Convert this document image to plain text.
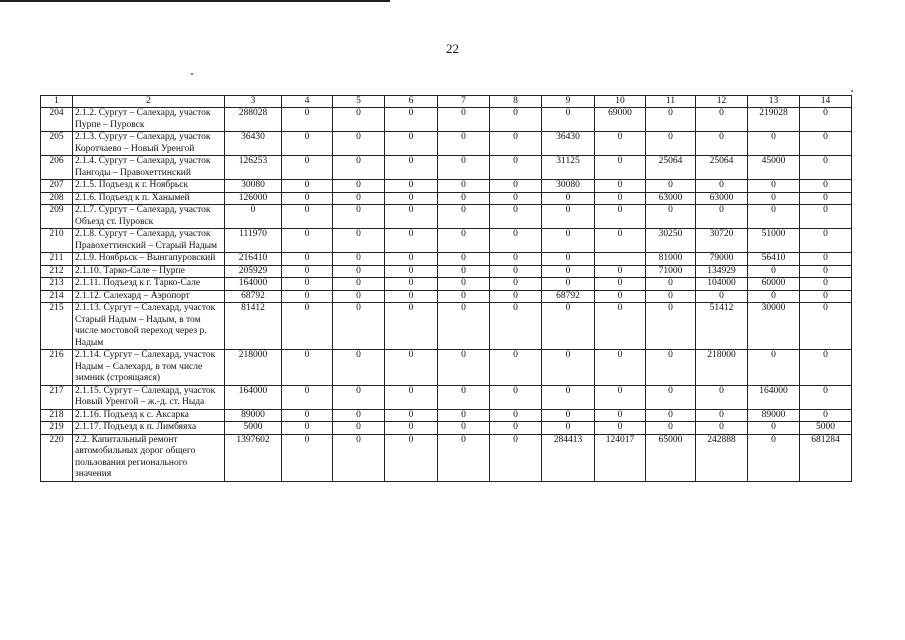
22
1	2	3	4	5	6	7	8	9	10	11	12	13	14
204	2.1.2. Сургут – Салехард, участок Пурпе – Пуровск	288028	0	0	0	0	0	0	69000	0	0	219028	0
205	2.1.3. Сургут – Салехард, участок Коротчаево – Новый Уренгой	36430	0	0	0	0	0	36430	0	0	0	0	0
206	2.1.4. Сургут – Салехард, участок Пангоды – Правохеттинский	126253	0	0	0	0	0	31125	0	25064	25064	45000	0
207	2.1.5. Подъезд к г. Ноябрьск	30080	0	0	0	0	0	30080	0	0	0	0	0
208	2.1.6. Подъезд к п. Ханымей	126000	0	0	0	0	0	0	0	63000	63000	0	0
209	2.1.7. Сургут – Салехард, участок Объезд ст. Пуровск	0	0	0	0	0	0	0	0	0	0	0	0
210	2.1.8. Сургут – Салехард, участок Правохеттинский – Старый Надым	111970	0	0	0	0	0	0	0	30250	30720	51000	0
211	2.1.9. Ноябрьск – Вынгапуровский	216410	0	0	0	0	0	0		81000	79000	56410	0
212	2.1.10. Тарко-Сале – Пурпе	205929	0	0	0	0	0	0	0	71000	134929	0	0
213	2.1.11. Подъезд к г. Тарко-Сале	164000	0	0	0	0	0	0	0	0	104000	60000	0
214	2.1.12. Салехард – Аэропорт	68792	0	0	0	0	0	68792	0	0	0	0	0
215	2.1.13. Сургут – Салехард, участок Старый Надым – Надым, в том числе мостовой переход через р. Надым	81412	0	0	0	0	0	0	0	0	51412	30000	0
216	2.1.14. Сургут – Салехард, участок Надым – Салехард, в том числе зимник (строящаяся)	218000	0	0	0	0	0	0	0	0	218000	0	0
217	2.1.15. Сургут – Салехард, участок Новый Уренгой – ж.-д. ст. Ныда	164000	0	0	0	0	0	0	0	0	0	164000	0
218	2.1.16. Подъезд к с. Аксарка	89000	0	0	0	0	0	0	0	0	0	89000	0
219	2.1.17. Подъезд к п. Лимбяяха	5000	0	0	0	0	0	0	0	0	0	0	5000
220	2.2. Капитальный ремонт автомобильных дорог общего пользования регионального значения	1397602	0	0	0	0	0	284413	124017	65000	242888	0	681284
